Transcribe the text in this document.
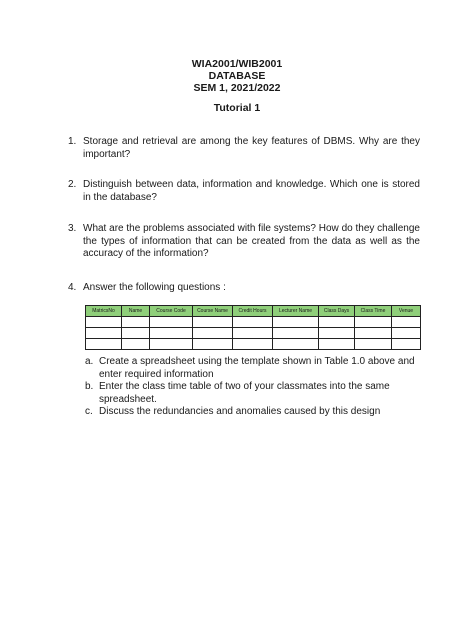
WIA2001/WIB2001
DATABASE
SEM 1, 2021/2022
Tutorial 1
1. Storage and retrieval are among the key features of DBMS. Why are they important?
2. Distinguish between data, information and knowledge. Which one is stored in the database?
3. What are the problems associated with file systems? How do they challenge the types of information that can be created from the data as well as the accuracy of the information?
4. Answer the following questions :
MatricsNo	Name	Course Code	Course Name	Credit Hours	Lecturer Name	Class Days	Class Time	Venue

a. Create a spreadsheet using the template shown in Table 1.0 above and enter required information
b. Enter the class time table of two of your classmates into the same spreadsheet.
c. Discuss the redundancies and anomalies caused by this design
